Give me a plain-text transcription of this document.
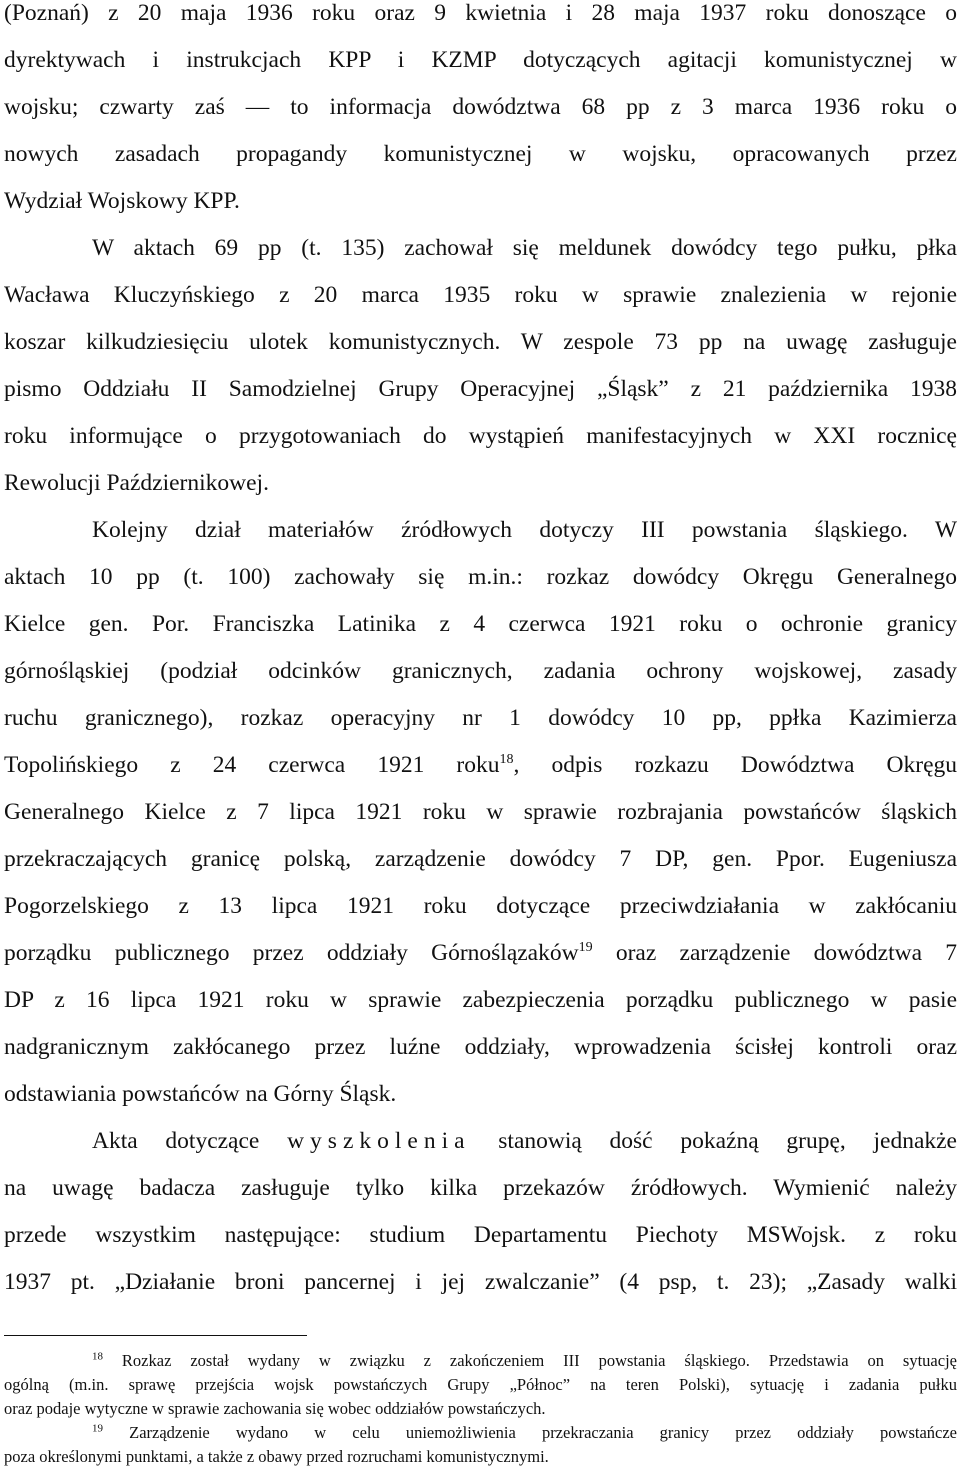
(Poznań) z 20 maja 1936 roku oraz 9 kwietnia i 28 maja 1937 roku donoszące o
dyrektywach i instrukcjach KPP i KZMP dotyczących agitacji komunistycznej w
wojsku; czwarty zaś — to informacja dowództwa 68 pp z 3 marca 1936 roku o
nowych zasadach propagandy komunistycznej w wojsku, opracowanych przez
Wydział Wojskowy KPP.
W aktach 69 pp (t. 135) zachował się meldunek dowódcy tego pułku, płka
Wacława Kluczyńskiego z 20 marca 1935 roku w sprawie znalezienia w rejonie
koszar kilkudziesięciu ulotek komunistycznych. W zespole 73 pp na uwagę zasługuje
pismo Oddziału II Samodzielnej Grupy Operacyjnej „Śląsk” z 21 października 1938
roku informujące o przygotowaniach do wystąpień manifestacyjnych w XXI rocznicę
Rewolucji Październikowej.
Kolejny dział materiałów źródłowych dotyczy III powstania śląskiego. W
aktach 10 pp (t. 100) zachowały się m.in.: rozkaz dowódcy Okręgu Generalnego
Kielce gen. Por. Franciszka Latinika z 4 czerwca 1921 roku o ochronie granicy
górnośląskiej (podział odcinków granicznych, zadania ochrony wojskowej, zasady
ruchu granicznego), rozkaz operacyjny nr 1 dowódcy 10 pp, ppłka Kazimierza
Topolińskiego z 24 czerwca 1921 roku$^{18}$, odpis rozkazu Dowództwa Okręgu
Generalnego Kielce z 7 lipca 1921 roku w sprawie rozbrajania powstańców śląskich
przekraczających granicę polską, zarządzenie dowódcy 7 DP, gen. Ppor. Eugeniusza
Pogorzelskiego z 13 lipca 1921 roku dotyczące przeciwdziałania w zakłócaniu
porządku publicznego przez oddziały Górnoślązaków$^{19}$ oraz zarządzenie dowództwa 7
DP z 16 lipca 1921 roku w sprawie zabezpieczenia porządku publicznego w pasie
nadgranicznym zakłócanego przez luźne oddziały, wprowadzenia ścisłej kontroli oraz
odstawiania powstańców na Górny Śląsk.
Akta dotyczące wyszkolenia stanowią dość pokaźną grupę, jednakże
na uwagę badacza zasługuje tylko kilka przekazów źródłowych. Wymienić należy
przede wszystkim następujące: studium Departamentu Piechoty MSWojsk. z roku
1937 pt. „Działanie broni pancernej i jej zwalczanie” (4 psp, t. 23); „Zasady walki
$^{18}$ Rozkaz został wydany w związku z zakończeniem III powstania śląskiego. Przedstawia on sytuację
ogólną (m.in. sprawę przejścia wojsk powstańczych Grupy „Północ” na teren Polski), sytuację i zadania pułku
oraz podaje wytyczne w sprawie zachowania się wobec oddziałów powstańczych.
$^{19}$ Zarządzenie wydano w celu uniemożliwienia przekraczania granicy przez oddziały powstańcze
poza określonymi punktami, a także z obawy przed rozruchami komunistycznymi.
